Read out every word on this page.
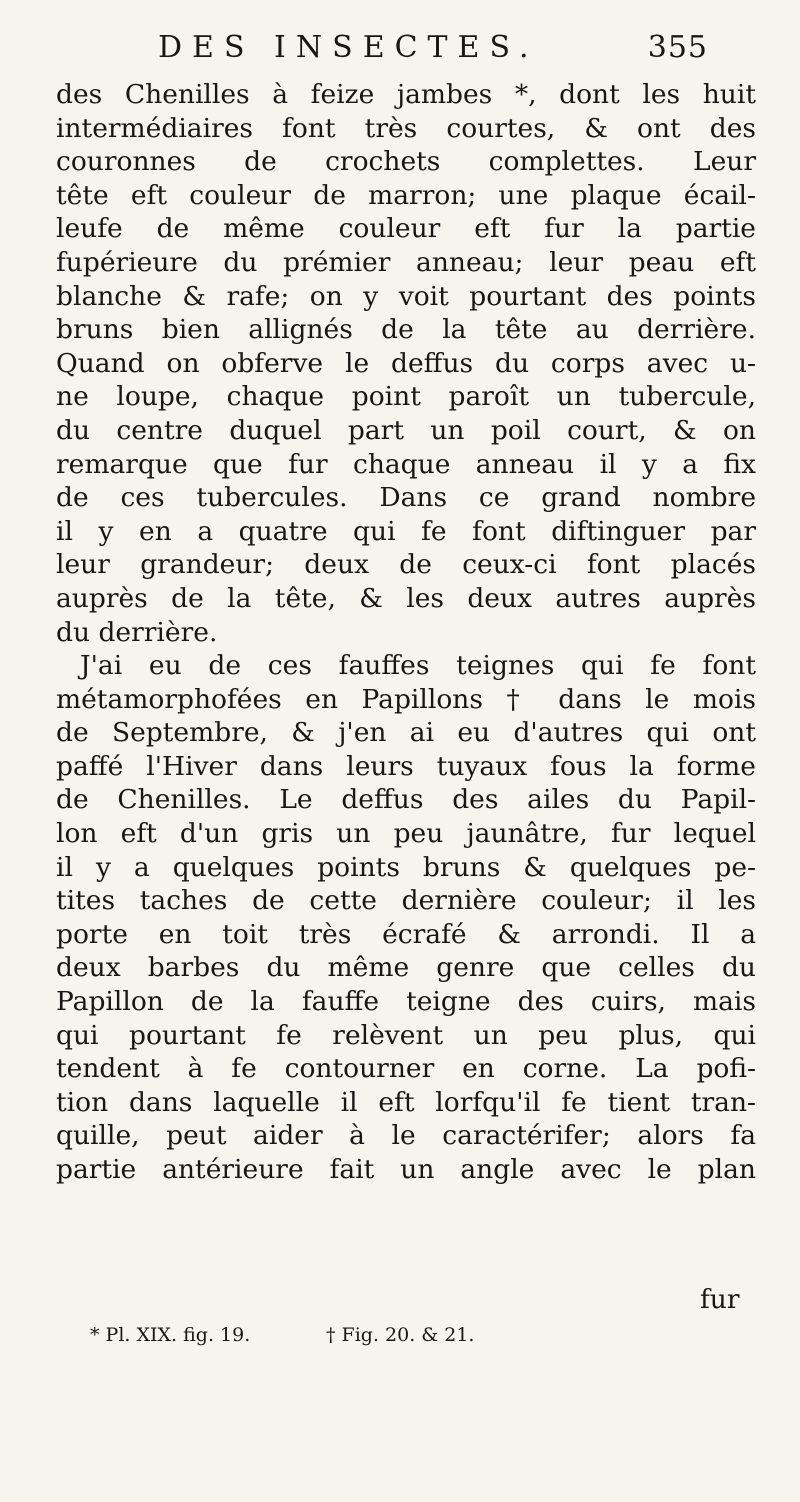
DES INSECTES.	355
des Chenilles à feize jambes *, dont les huit
intermédiaires font très courtes, & ont des
couronnes de crochets complettes. Leur
tête eft couleur de marron; une plaque écail-
leufe de même couleur eft fur la partie
fupérieure du prémier anneau; leur peau eft
blanche & rafe; on y voit pourtant des points
bruns bien allignés de la tête au derrière.
Quand on obferve le deffus du corps avec u-
ne loupe, chaque point paroît un tubercule,
du centre duquel part un poil court, & on
remarque que fur chaque anneau il y a fix
de ces tubercules. Dans ce grand nombre
il y en a quatre qui fe font diftinguer par
leur grandeur; deux de ceux-ci font placés
auprès de la tête, & les deux autres auprès
du derrière.
J'ai eu de ces fauffes teignes qui fe font
métamorphofées en Papillons † dans le mois
de Septembre, & j'en ai eu d'autres qui ont
paffé l'Hiver dans leurs tuyaux fous la forme
de Chenilles. Le deffus des ailes du Papil-
lon eft d'un gris un peu jaunâtre, fur lequel
il y a quelques points bruns & quelques pe-
tites taches de cette dernière couleur; il les
porte en toit très écrafé & arrondi. Il a
deux barbes du même genre que celles du
Papillon de la fauffe teigne des cuirs, mais
qui pourtant fe relèvent un peu plus, qui
tendent à fe contourner en corne. La pofi-
tion dans laquelle il eft lorfqu'il fe tient tran-
quille, peut aider à le caractérifer; alors fa
partie antérieure fait un angle avec le plan
fur
* Pl. XIX. fig. 19.	† Fig. 20. & 21.
